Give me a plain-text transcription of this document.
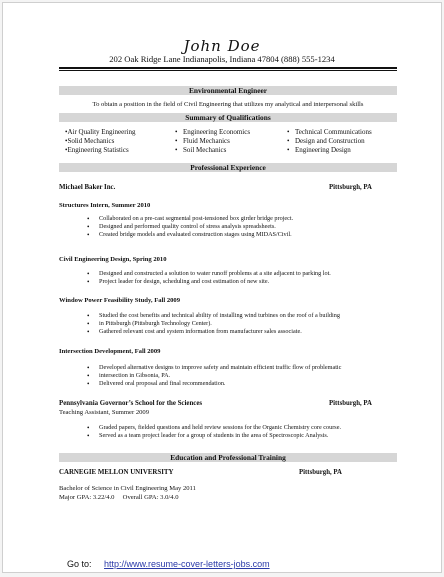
John Doe
202 Oak Ridge Lane Indianapolis, Indiana 47804 (888) 555-1234
Environmental Engineer
To obtain a position in the field of Civil Engineering that utilizes my analytical and interpersonal skills
Summary of Qualifications
•Air Quality Engineering
•Solid Mechanics
•Engineering Statistics
• Engineering Economics
• Fluid Mechanics
• Soil Mechanics
• Technical Communications
• Design and Construction
• Engineering Design
Professional Experience
Michael Baker Inc.	Pittsburgh, PA
Structures Intern, Summer 2010
• Collaborated on a pre-cast segmental post-tensioned box girder bridge project.
• Designed and performed quality control of stress analysis spreadsheets.
• Created bridge models and evaluated construction stages using MIDAS/Civil.
Civil Engineering Design, Spring 2010
• Designed and constructed a solution to water runoff problems at a site adjacent to parking lot.
• Project leader for design, scheduling and cost estimation of new site.
Window Power Feasibility Study, Fall 2009
• Studied the cost benefits and technical ability of installing wind turbines on the roof of a building
• in Pittsburgh (Pittsburgh Technology Center).
• Gathered relevant cost and system information from manufacturer sales associate.
Intersection Development, Fall 2009
• Developed alternative designs to improve safety and maintain efficient traffic flow of problematic
• intersection in Gibsonia, PA.
• Delivered oral proposal and final recommendation.
Pennsylvania Governor’s School for the Sciences	Pittsburgh, PA
Teaching Assistant, Summer 2009
• Graded papers, fielded questions and held review sessions for the Organic Chemistry core course.
• Served as a team project leader for a group of students in the area of Spectroscopic Analysis.
Education and Professional Training
CARNEGIE MELLON UNIVERSITY	Pittsburgh, PA
Bachelor of Science in Civil Engineering May 2011
Major GPA: 3.22/4.0     Overall GPA: 3.0/4.0
Go to: http://www.resume-cover-letters-jobs.com
